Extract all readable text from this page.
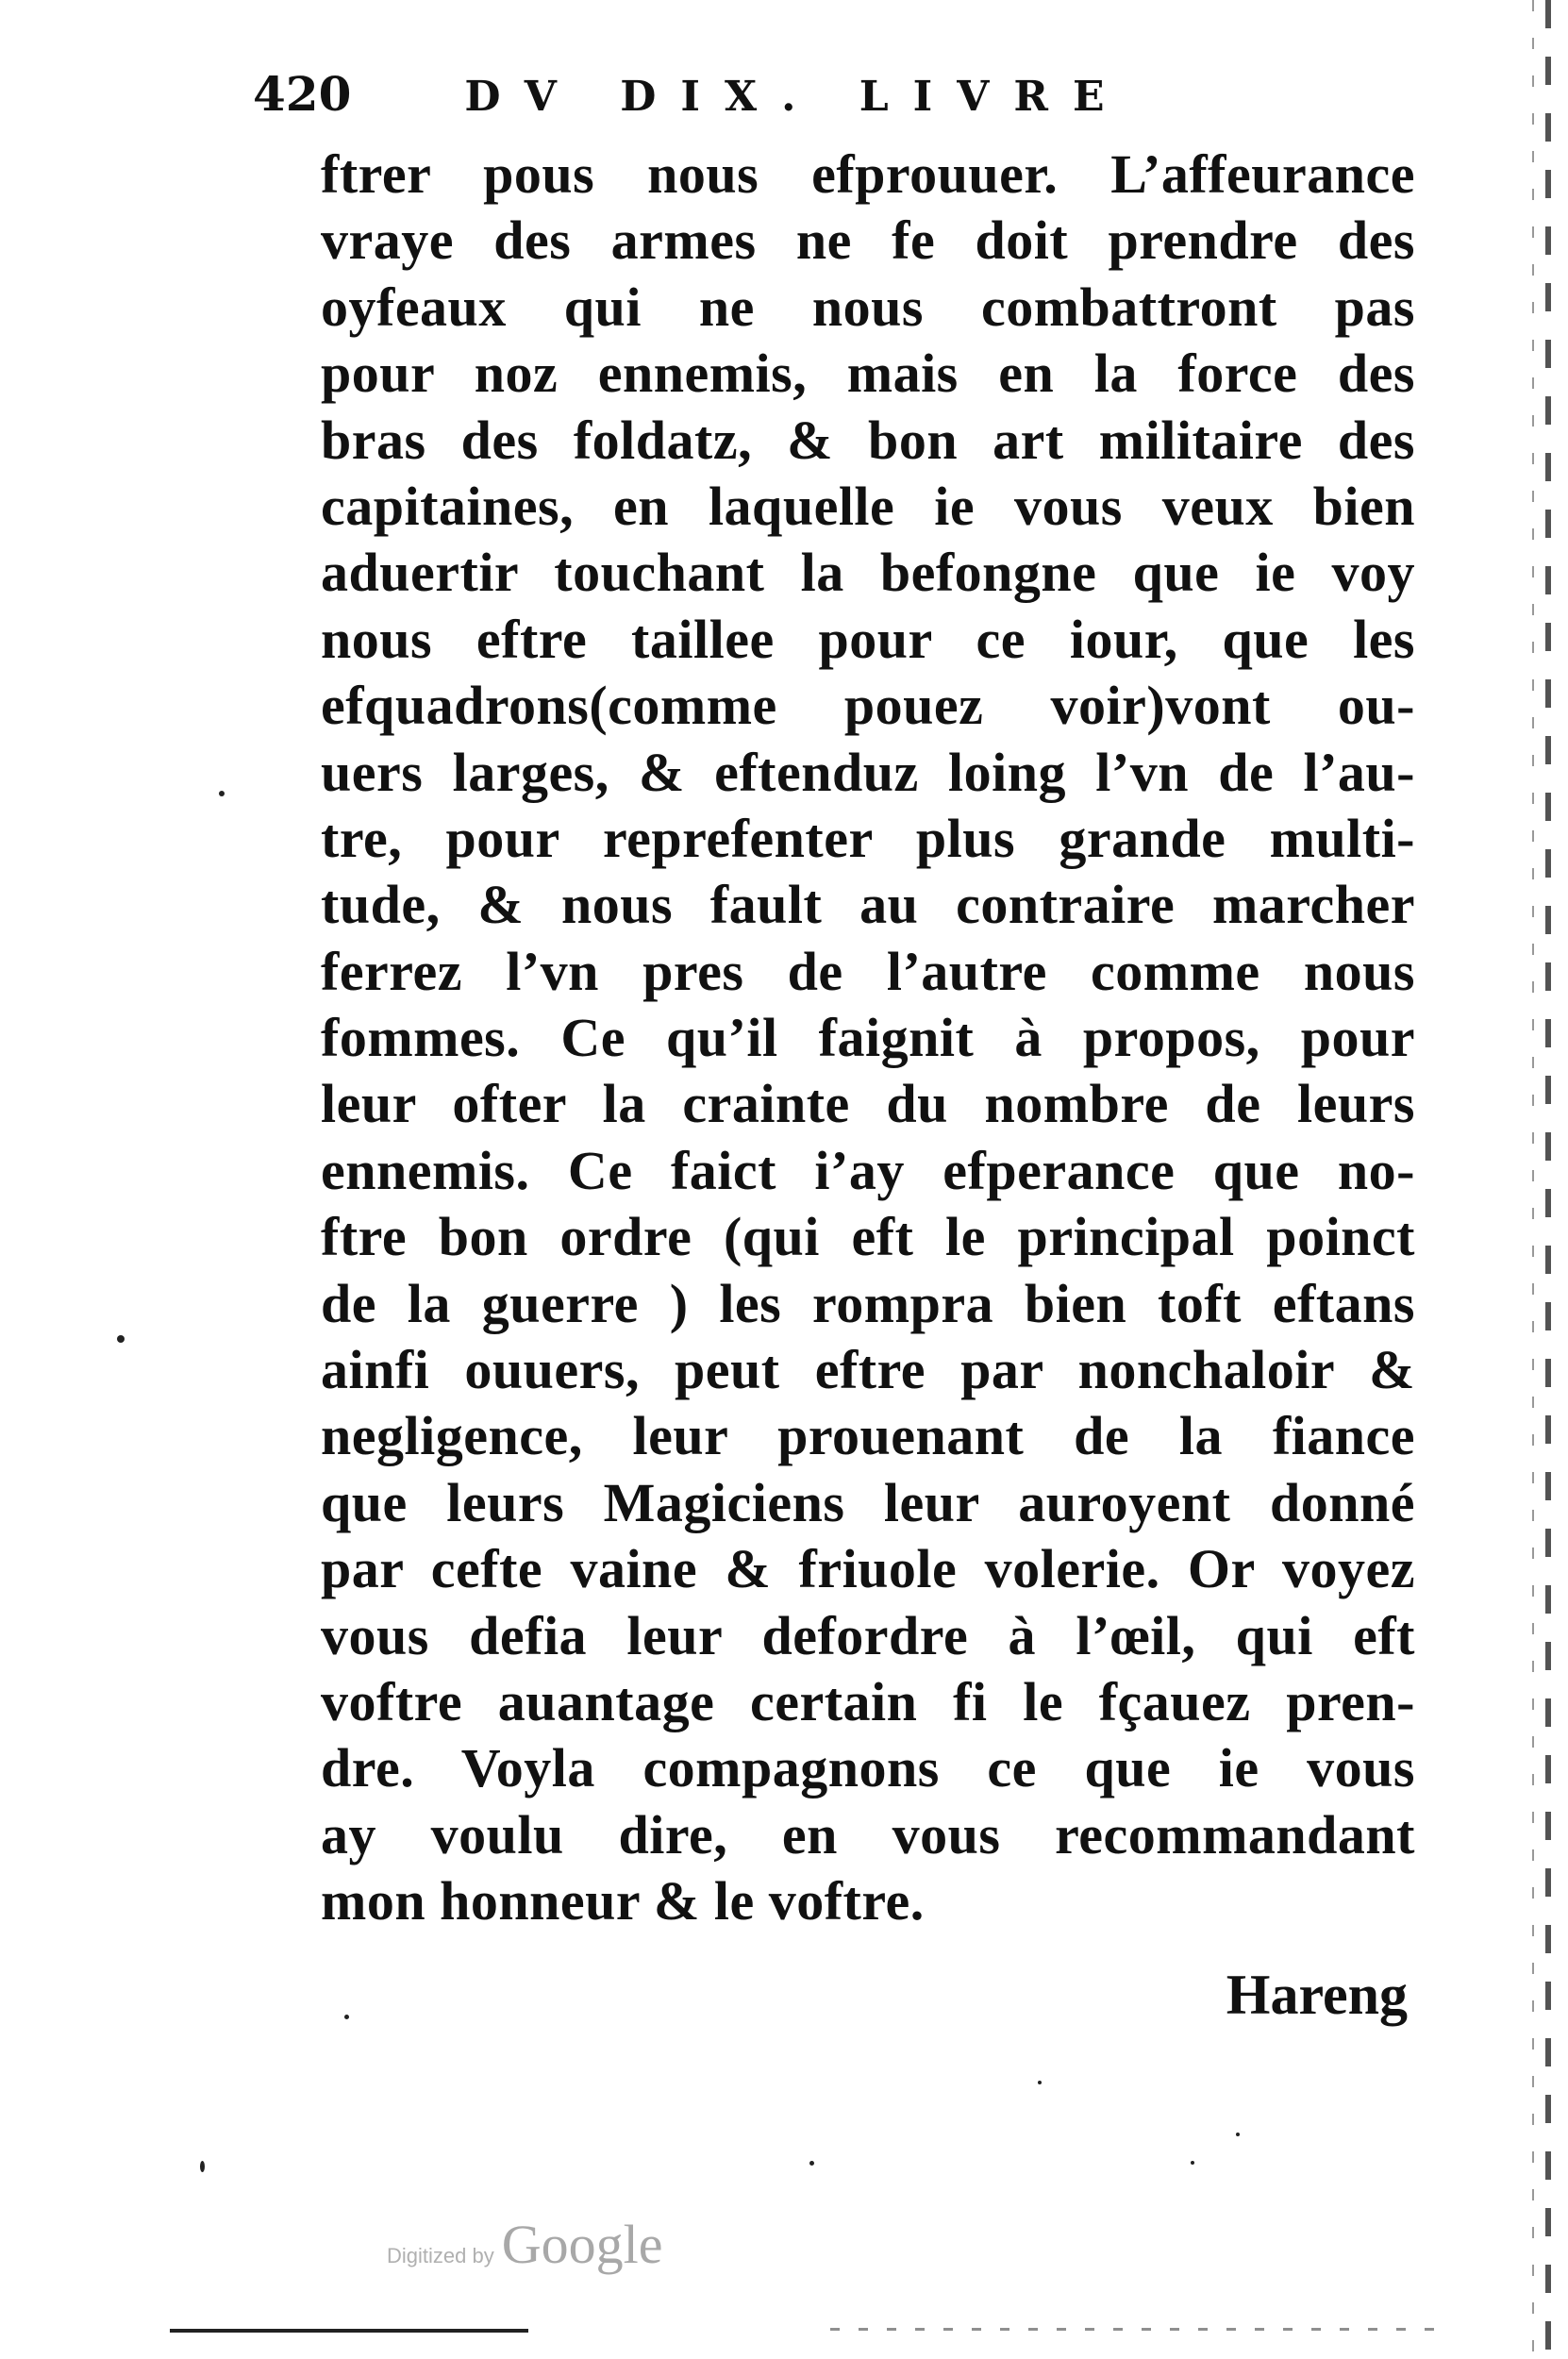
420	DV DIX. LIVRE
ftrer pous nous efprouuer. L’affeurance
vraye des armes ne fe doit prendre des
oyfeaux qui ne nous combattront pas
pour noz ennemis, mais en la force des
bras des foldatz, & bon art militaire des
capitaines, en laquelle ie vous veux bien
aduertir touchant la befongne que ie voy
nous eftre taillee pour ce iour, que les
efquadrons(comme pouez voir)vont ou-
uers larges, & eftenduz loing l’vn de l’au-
tre, pour reprefenter plus grande multi-
tude, & nous fault au contraire marcher
ferrez l’vn pres de l’autre comme nous
fommes. Ce qu’il faignit à propos, pour
leur ofter la crainte du nombre de leurs
ennemis. Ce faict i’ay efperance que no-
ftre bon ordre (qui eft le principal poinct
de la guerre ) les rompra bien toft eftans
ainfi ouuers, peut eftre par nonchaloir &
negligence, leur prouenant de la fiance
que leurs Magiciens leur auroyent donné
par cefte vaine & friuole volerie. Or voyez
vous defia leur defordre à l’œil, qui eft
voftre auantage certain fi le fçauez pren-
dre. Voyla compagnons ce que ie vous
ay voulu dire, en vous recommandant
mon honneur & le voftre.
Hareng
Digitized by Google
